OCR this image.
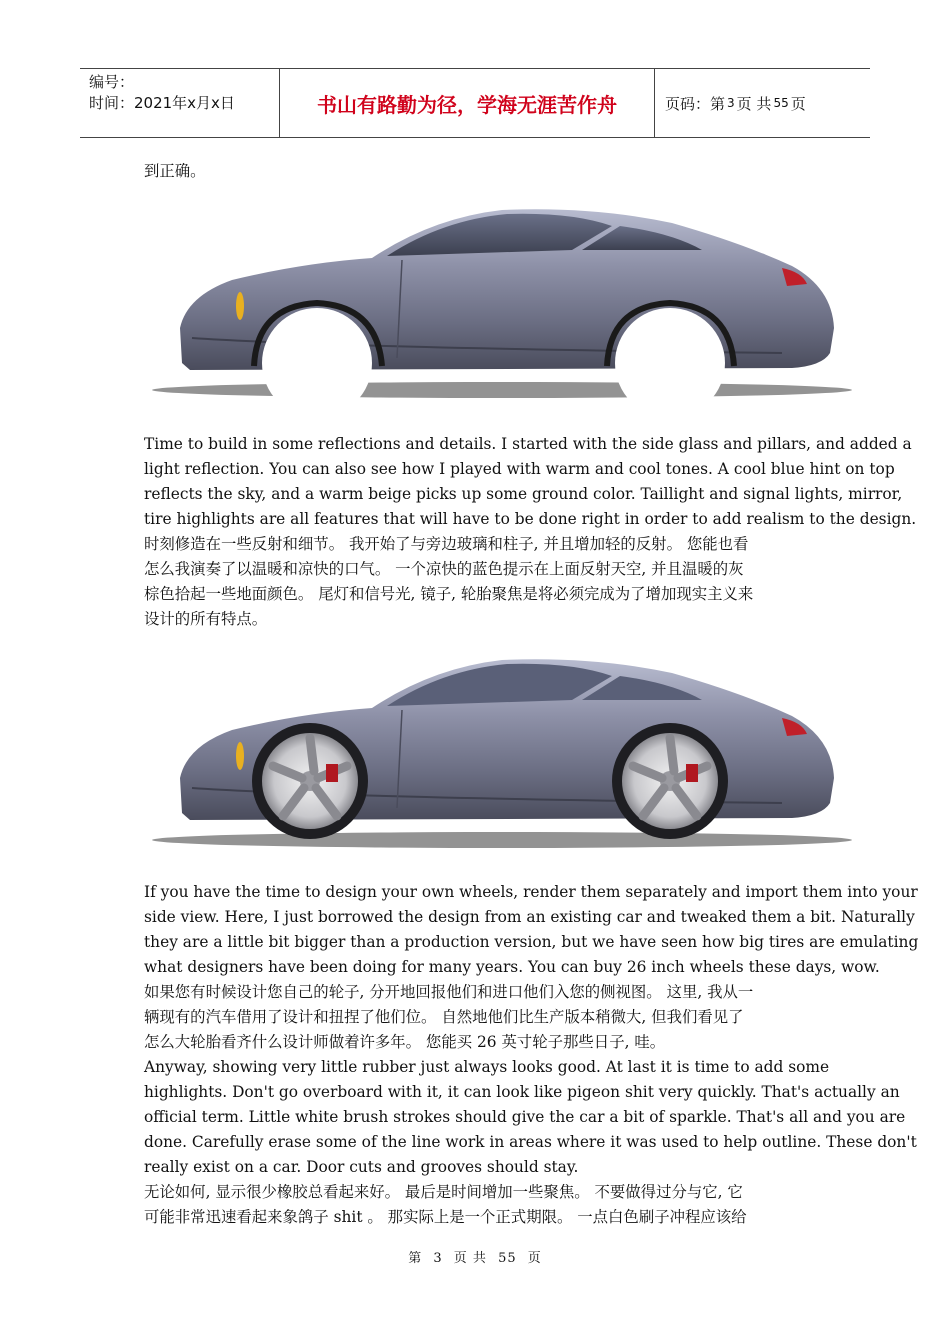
编号：
时间：2021年x月x日	书山有路勤为径，学海无涯苦作舟	页码：第 3 页 共 55 页
到正确。
Time to build in some reflections and details. I started with the side glass and pillars, and added a
light reflection. You can also see how I played with warm and cool tones. A cool blue hint on top
reflects the sky, and a warm beige picks up some ground color. Taillight and signal lights, mirror,
tire highlights are all features that will have to be done right in order to add realism to the design.
时刻修造在一些反射和细节。 我开始了与旁边玻璃和柱子, 并且增加轻的反射。 您能也看
怎么我演奏了以温暖和凉快的口气。 一个凉快的蓝色提示在上面反射天空, 并且温暖的灰
棕色拾起一些地面颜色。 尾灯和信号光, 镜子, 轮胎聚焦是将必须完成为了增加现实主义来
设计的所有特点。
If you have the time to design your own wheels, render them separately and import them into your
side view. Here, I just borrowed the design from an existing car and tweaked them a bit. Naturally
they are a little bit bigger than a production version, but we have seen how big tires are emulating
what designers have been doing for many years. You can buy 26 inch wheels these days, wow.
如果您有时候设计您自己的轮子, 分开地回报他们和进口他们入您的侧视图。 这里, 我从一
辆现有的汽车借用了设计和扭捏了他们位。 自然地他们比生产版本稍微大, 但我们看见了
怎么大轮胎看齐什么设计师做着许多年。 您能买 26 英寸轮子那些日子, 哇。
Anyway, showing very little rubber just always looks good. At last it is time to add some
highlights. Don't go overboard with it, it can look like pigeon shit very quickly. That's actually an
official term. Little white brush strokes should give the car a bit of sparkle. That's all and you are
done. Carefully erase some of the line work in areas where it was used to help outline. These don't
really exist on a car. Door cuts and grooves should stay.
无论如何, 显示很少橡胶总看起来好。 最后是时间增加一些聚焦。 不要做得过分与它, 它
可能非常迅速看起来象鸽子 shit 。 那实际上是一个正式期限。 一点白色刷子冲程应该给
第 3 页 共 55 页
